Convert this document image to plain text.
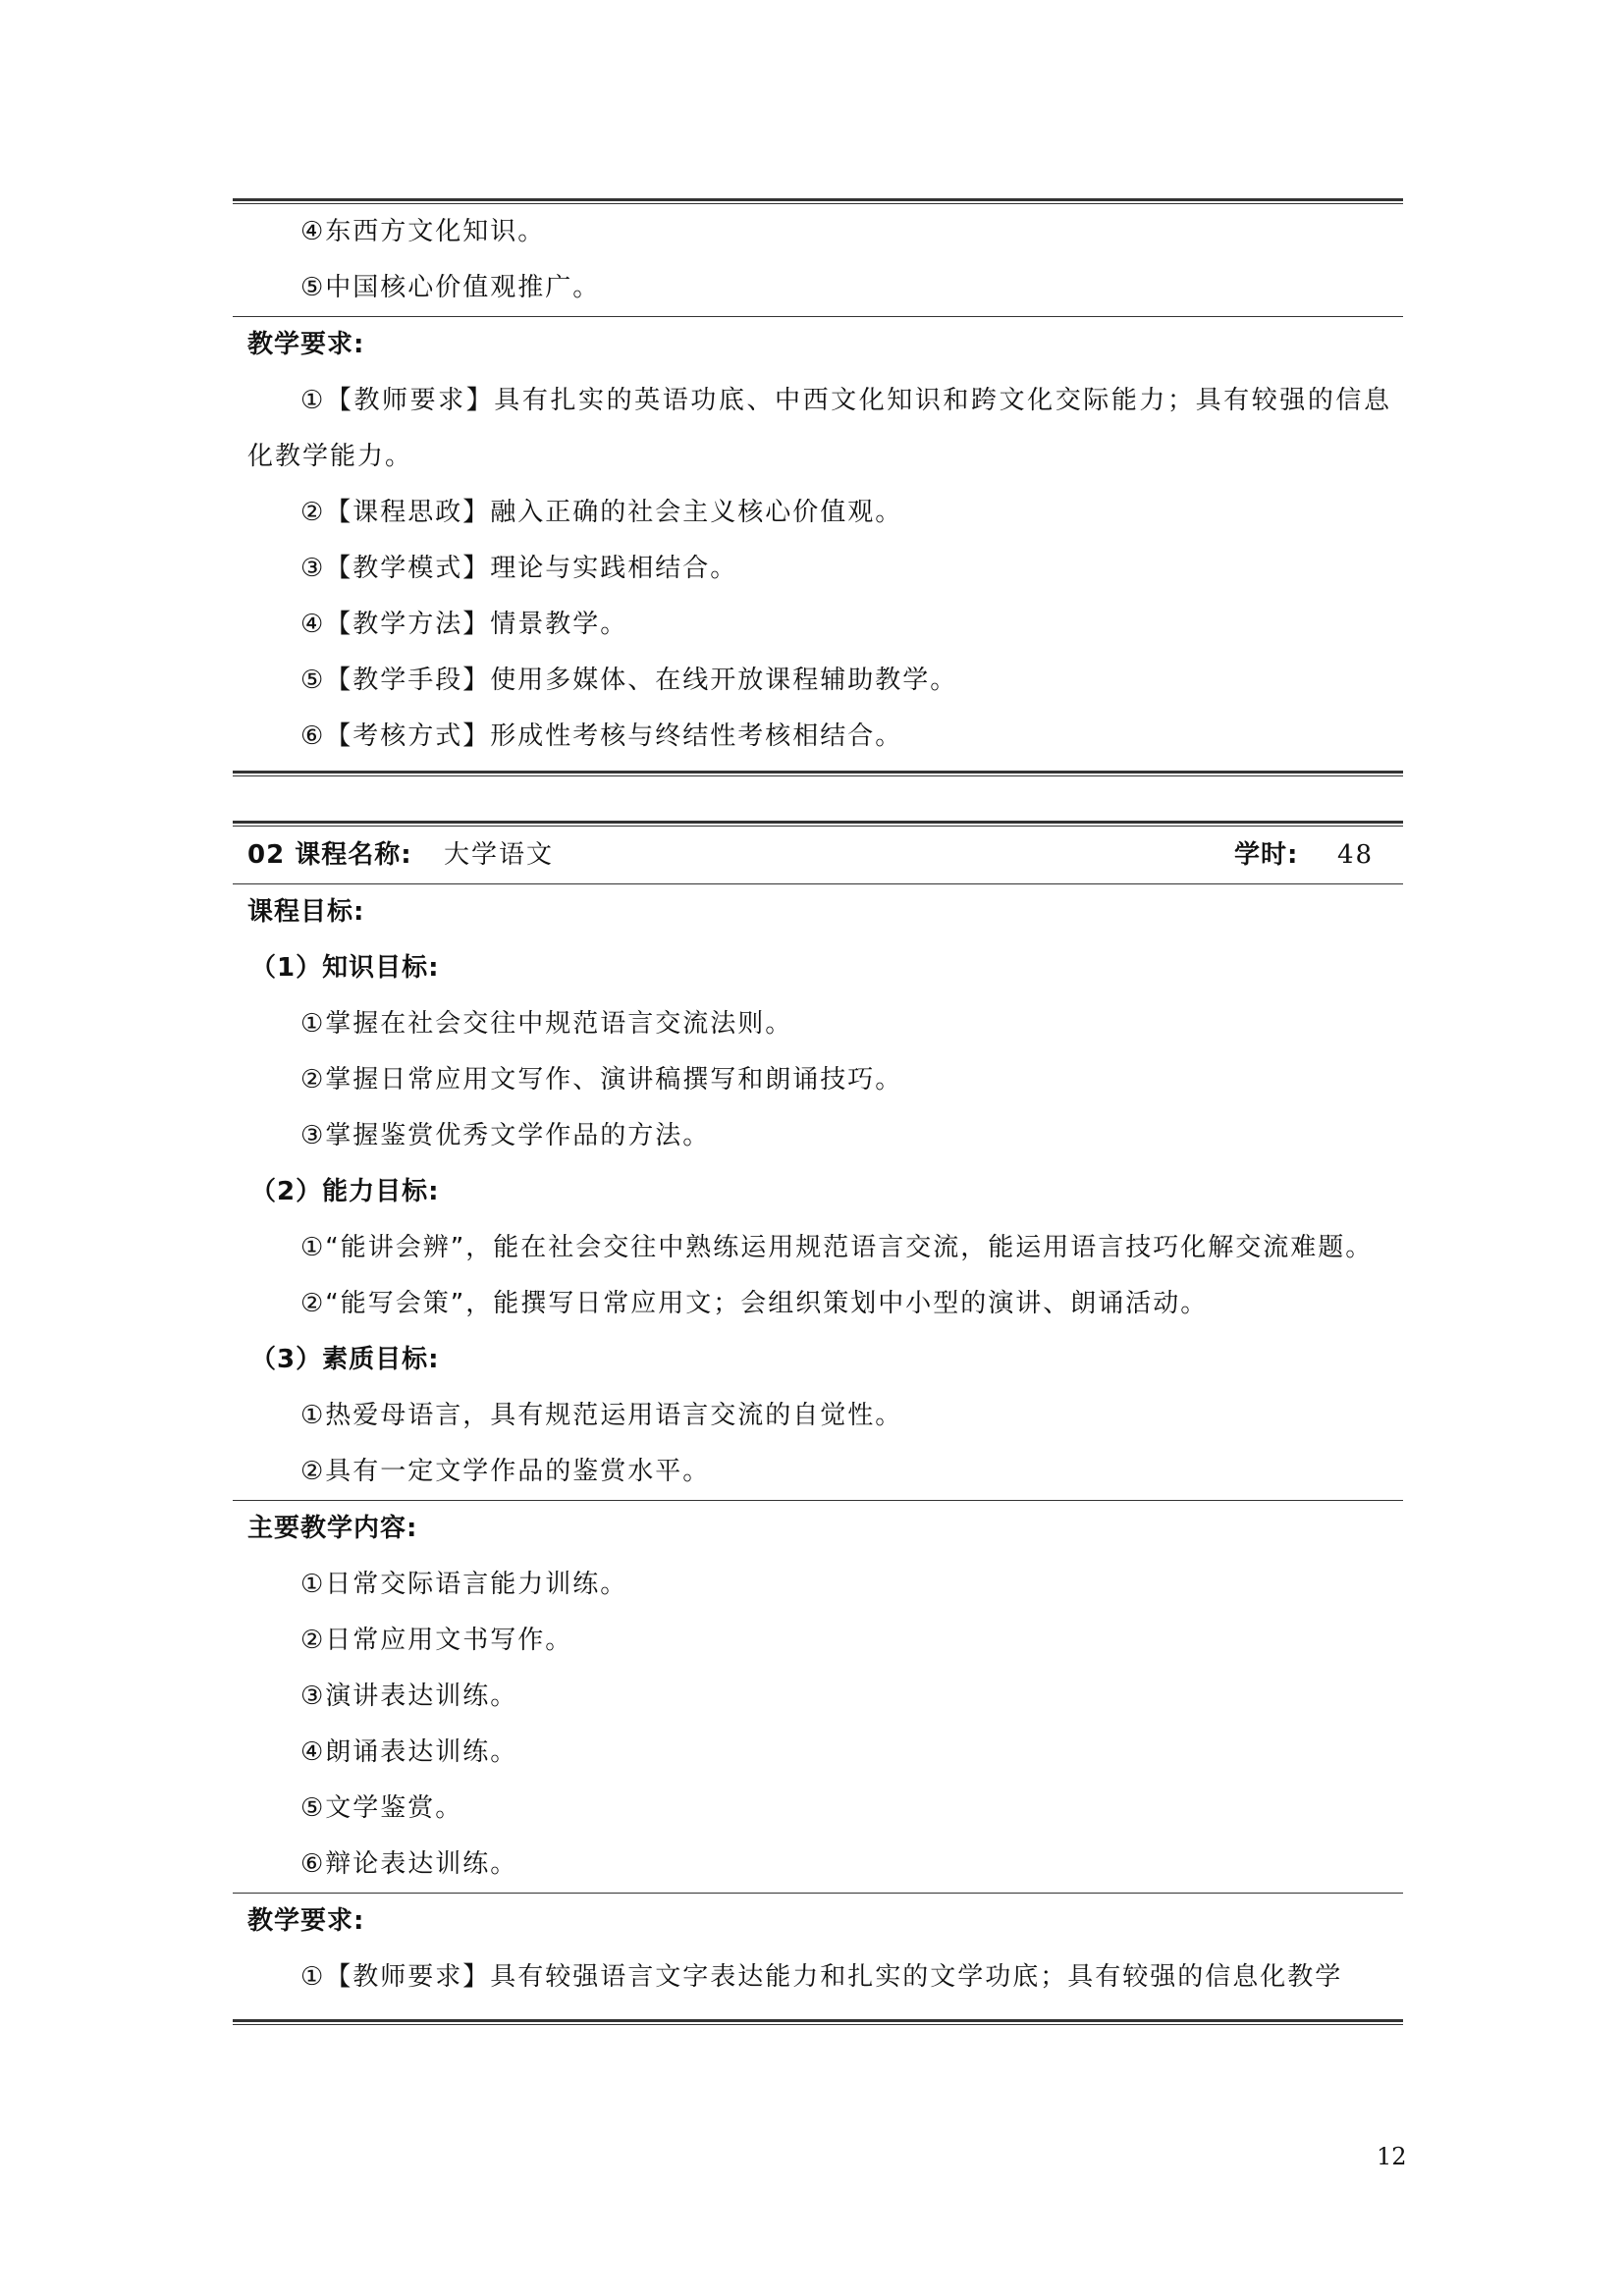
④东西方文化知识。
⑤中国核心价值观推广。
教学要求:
①【教师要求】具有扎实的英语功底、中西文化知识和跨文化交际能力；具有较强的信息化教学能力。
②【课程思政】融入正确的社会主义核心价值观。
③【教学模式】理论与实践相结合。
④【教学方法】情景教学。
⑤【教学手段】使用多媒体、在线开放课程辅助教学。
⑥【考核方式】形成性考核与终结性考核相结合。
02 课程名称: 大学语文	学时: 48
课程目标:
（1）知识目标:
①掌握在社会交往中规范语言交流法则。
②掌握日常应用文写作、演讲稿撰写和朗诵技巧。
③掌握鉴赏优秀文学作品的方法。
（2）能力目标:
①“能讲会辨”，能在社会交往中熟练运用规范语言交流，能运用语言技巧化解交流难题。
②“能写会策”，能撰写日常应用文；会组织策划中小型的演讲、朗诵活动。
（3）素质目标:
①热爱母语言，具有规范运用语言交流的自觉性。
②具有一定文学作品的鉴赏水平。
主要教学内容:
①日常交际语言能力训练。
②日常应用文书写作。
③演讲表达训练。
④朗诵表达训练。
⑤文学鉴赏。
⑥辩论表达训练。
教学要求:
①【教师要求】具有较强语言文字表达能力和扎实的文学功底；具有较强的信息化教学
12
